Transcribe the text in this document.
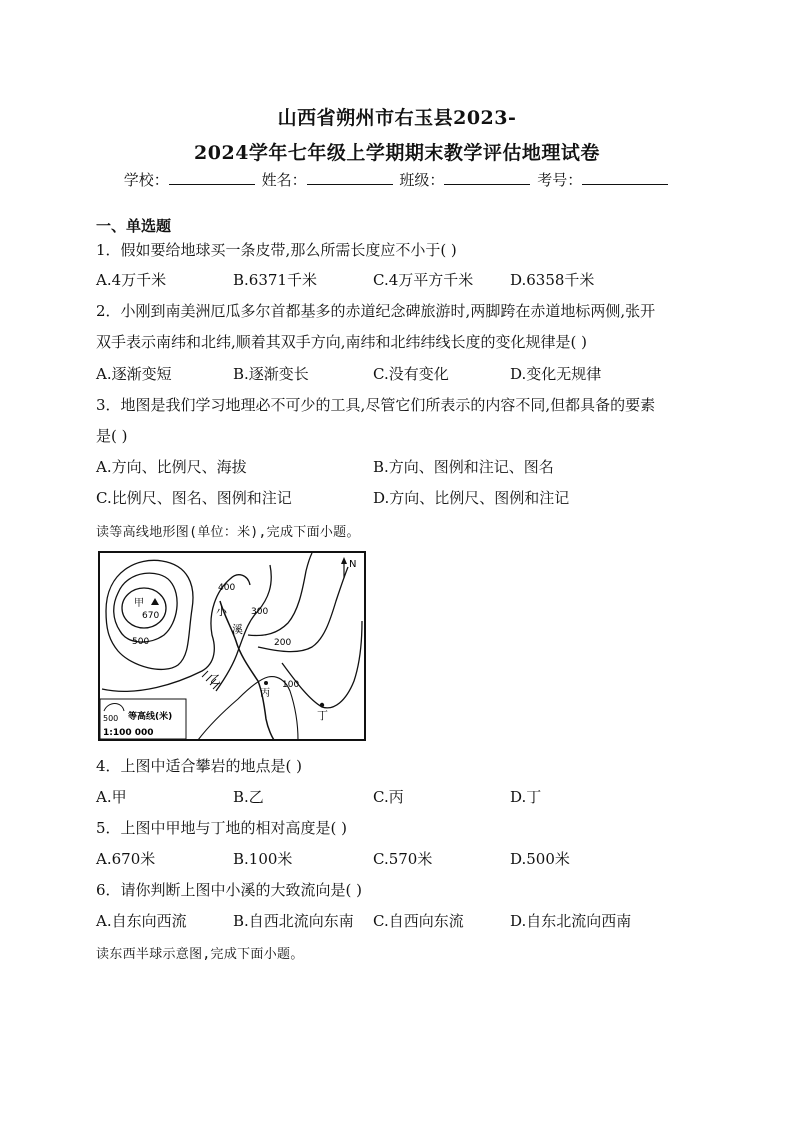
山西省朔州市右玉县2023-
2024学年七年级上学期期末教学评估地理试卷
学校：	姓名：	班级：	考号：
一、单选题
1．假如要给地球买一条皮带,那么所需长度应不小于( )
A.4万千米	B.6371千米	C.4万平方千米 D.6358千米
2．小刚到南美洲厄瓜多尔首都基多的赤道纪念碑旅游时,两脚跨在赤道地标两侧,张开
双手表示南纬和北纬,顺着其双手方向,南纬和北纬纬线长度的变化规律是( )
A.逐渐变短	B.逐渐变长	C.没有变化	D.变化无规律
3．地图是我们学习地理必不可少的工具,尽管它们所表示的内容不同,但都具备的要素
是( )
A.方向、比例尺、海拔	B.方向、图例和注记、图名
C.比例尺、图名、图例和注记	D.方向、比例尺、图例和注记
读等高线地形图(单位：米),完成下面小题。
N
甲
670
400
300
200
100
500
小
溪
乙
丙
丁
500 等高线(米)
1:100 000
4．上图中适合攀岩的地点是( )
A.甲	B.乙	C.丙	D.丁
5．上图中甲地与丁地的相对高度是( )
A.670米	B.100米	C.570米	D.500米
6．请你判断上图中小溪的大致流向是( )
A.自东向西流	B.自西北流向东南 C.自西向东流	D.自东北流向西南
读东西半球示意图,完成下面小题。
